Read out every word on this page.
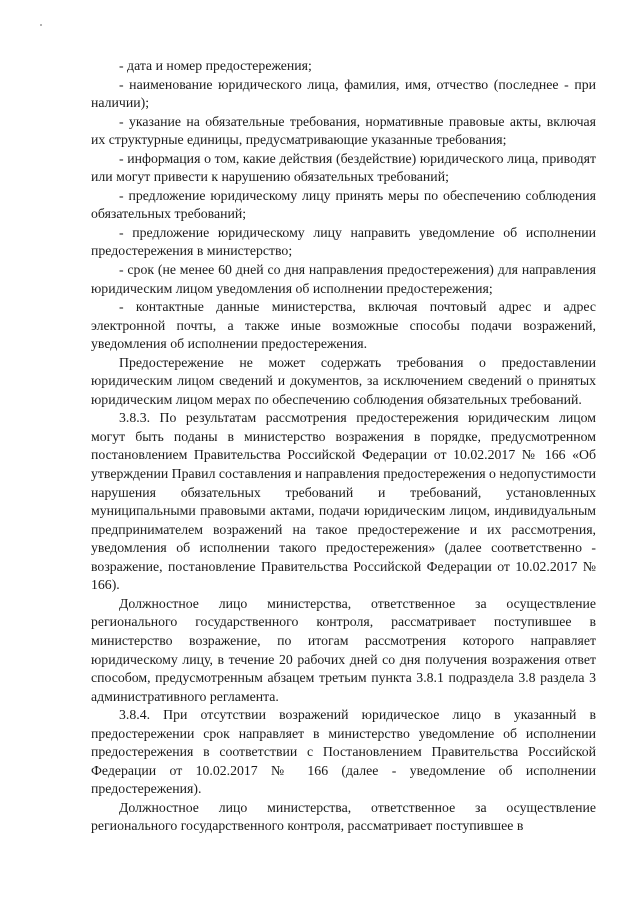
- дата и номер предостережения;

- наименование юридического лица, фамилия, имя, отчество (последнее - при наличии);

- указание на обязательные требования, нормативные правовые акты, включая их структурные единицы, предусматривающие указанные требования;

- информация о том, какие действия (бездействие) юридического лица, приводят или могут привести к нарушению обязательных требований;

- предложение юридическому лицу принять меры по обеспечению соблюдения обязательных требований;

- предложение юридическому лицу направить уведомление об исполнении предостережения в министерство;

- срок (не менее 60 дней со дня направления предостережения) для направления юридическим лицом уведомления об исполнении предостережения;

- контактные данные министерства, включая почтовый адрес и адрес электронной почты, а также иные возможные способы подачи возражений, уведомления об исполнении предостережения.

Предостережение не может содержать требования о предоставлении юридическим лицом сведений и документов, за исключением сведений о принятых юридическим лицом мерах по обеспечению соблюдения обязательных требований.

3.8.3. По результатам рассмотрения предостережения юридическим лицом могут быть поданы в министерство возражения в порядке, предусмотренном постановлением Правительства Российской Федерации от 10.02.2017 № 166 «Об утверждении Правил составления и направления предостережения о недопустимости нарушения обязательных требований и требований, установленных муниципальными правовыми актами, подачи юридическим лицом, индивидуальным предпринимателем возражений на такое предостережение и их рассмотрения, уведомления об исполнении такого предостережения» (далее соответственно - возражение, постановление Правительства Российской Федерации от 10.02.2017 № 166).

Должностное лицо министерства, ответственное за осуществление регионального государственного контроля, рассматривает поступившее в министерство возражение, по итогам рассмотрения которого направляет юридическому лицу, в течение 20 рабочих дней со дня получения возражения ответ способом, предусмотренным абзацем третьим пункта 3.8.1 подраздела 3.8 раздела 3 административного регламента.

3.8.4. При отсутствии возражений юридическое лицо в указанный в предостережении срок направляет в министерство уведомление об исполнении предостережения в соответствии с Постановлением Правительства Российской Федерации от 10.02.2017 № 166 (далее - уведомление об исполнении предостережения).

Должностное лицо министерства, ответственное за осуществление регионального государственного контроля, рассматривает поступившее в
